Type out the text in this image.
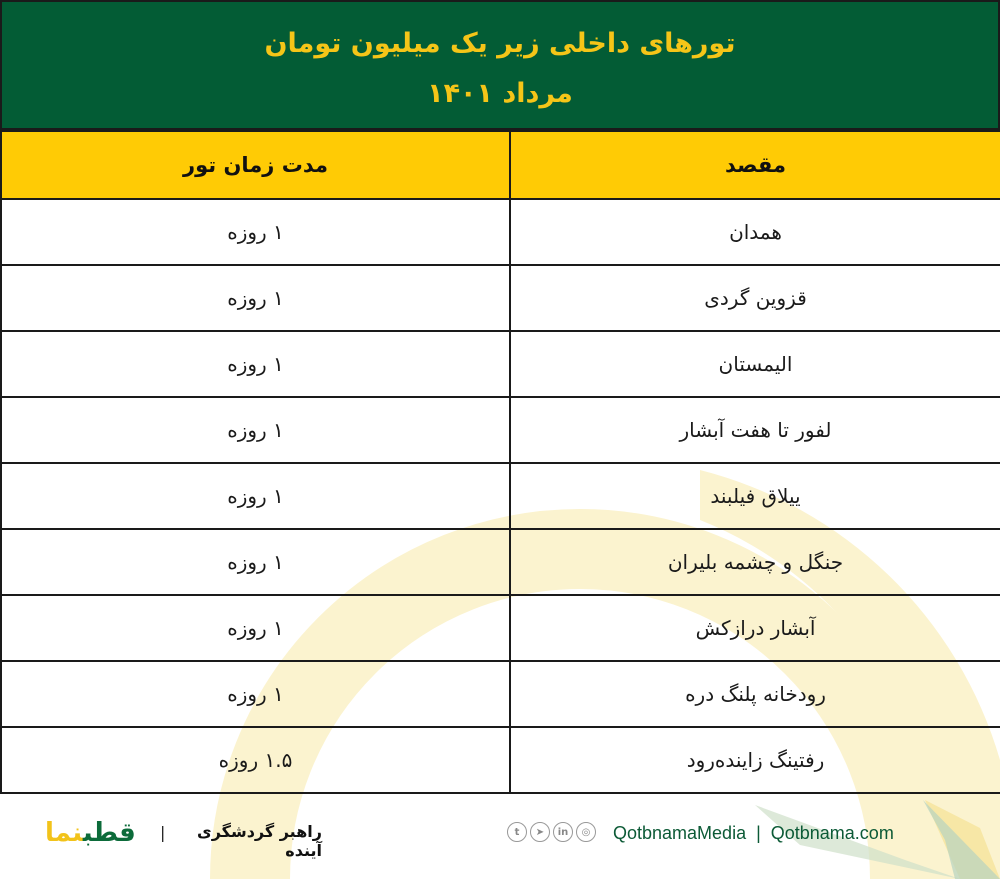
تورهای داخلی زیر یک میلیون تومان
مرداد ۱۴۰۱
مقصد	مدت زمان تور
همدان	۱ روزه
قزوین گردی	۱ روزه
الیمستان	۱ روزه
لفور تا هفت آبشار	۱ روزه
ییلاق فیلبند	۱ روزه
جنگل و چشمه بلیران	۱ روزه
آبشار درازکش	۱ روزه
رودخانه پلنگ دره	۱ روزه
رفتینگ زاینده‌رود	۱.۵ روزه
قطبنما	|	راهبر گردشگری آینده
t	➤	in	◎	QotbnamaMedia  |  Qotbnama.com
